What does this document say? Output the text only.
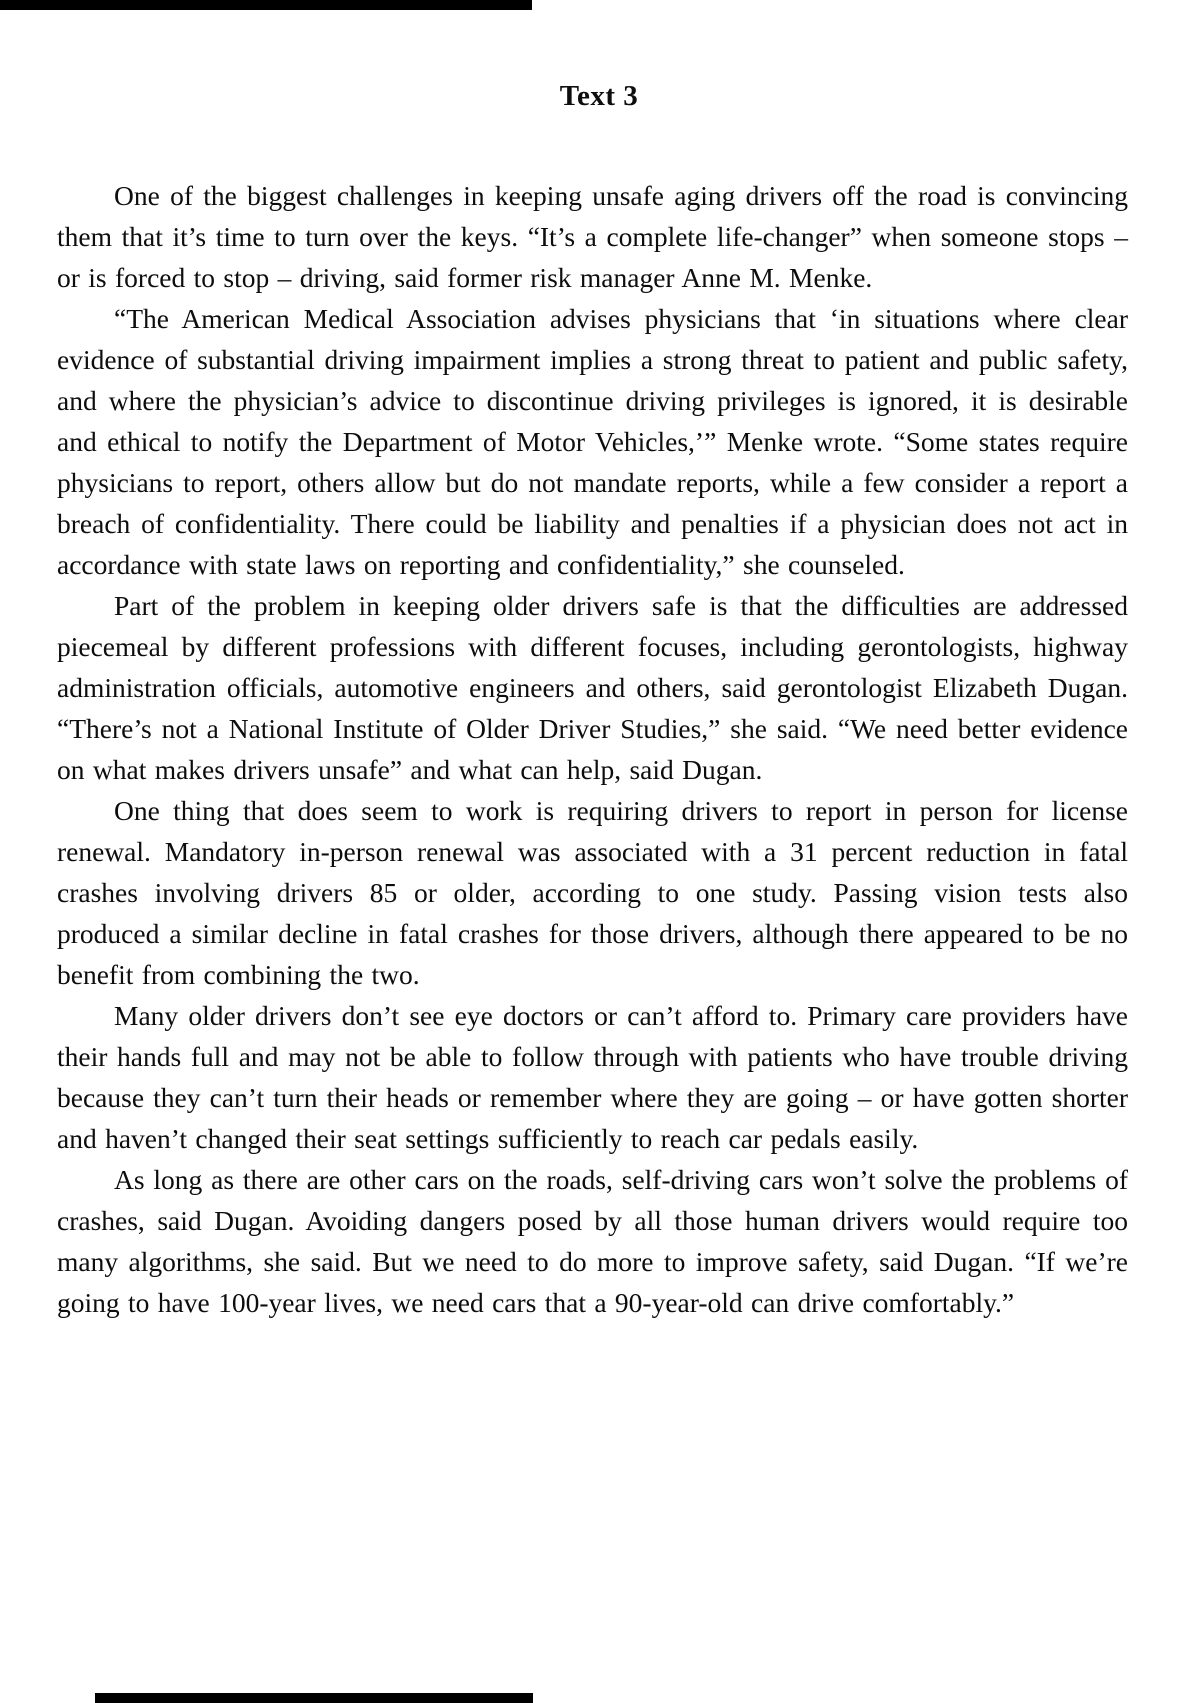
Text 3

One of the biggest challenges in keeping unsafe aging drivers off the road is convincing them that it’s time to turn over the keys. “It’s a complete life-changer” when someone stops – or is forced to stop – driving, said former risk manager Anne M. Menke.

“The American Medical Association advises physicians that ‘in situations where clear evidence of substantial driving impairment implies a strong threat to patient and public safety, and where the physician’s advice to discontinue driving privileges is ignored, it is desirable and ethical to notify the Department of Motor Vehicles,’” Menke wrote. “Some states require physicians to report, others allow but do not mandate reports, while a few consider a report a breach of confidentiality. There could be liability and penalties if a physician does not act in accordance with state laws on reporting and confidentiality,” she counseled.

Part of the problem in keeping older drivers safe is that the difficulties are addressed piecemeal by different professions with different focuses, including gerontologists, highway administration officials, automotive engineers and others, said gerontologist Elizabeth Dugan. “There’s not a National Institute of Older Driver Studies,” she said. “We need better evidence on what makes drivers unsafe” and what can help, said Dugan.

One thing that does seem to work is requiring drivers to report in person for license renewal. Mandatory in-person renewal was associated with a 31 percent reduction in fatal crashes involving drivers 85 or older, according to one study. Passing vision tests also produced a similar decline in fatal crashes for those drivers, although there appeared to be no benefit from combining the two.

Many older drivers don’t see eye doctors or can’t afford to. Primary care providers have their hands full and may not be able to follow through with patients who have trouble driving because they can’t turn their heads or remember where they are going – or have gotten shorter and haven’t changed their seat settings sufficiently to reach car pedals easily.

As long as there are other cars on the roads, self-driving cars won’t solve the problems of crashes, said Dugan. Avoiding dangers posed by all those human drivers would require too many algorithms, she said. But we need to do more to improve safety, said Dugan. “If we’re going to have 100-year lives, we need cars that a 90-year-old can drive comfortably.”
